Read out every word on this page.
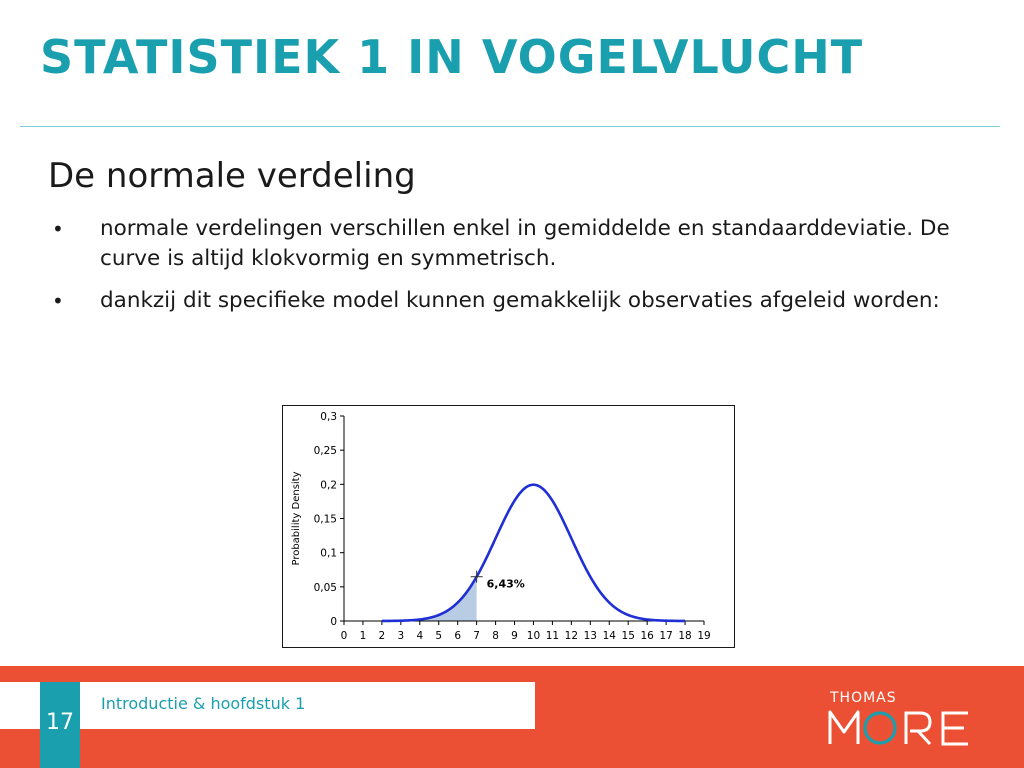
STATISTIEK 1 IN VOGELVLUCHT
De normale verdeling
• normale verdelingen verschillen enkel in gemiddelde en standaarddeviatie. De curve is altijd klokvormig en symmetrisch.
• dankzij dit specifieke model kunnen gemakkelijk observaties afgeleid worden:
0
0,05
0,1
0,15
0,2
0,25
0,3
0 1 2 3 4 5 6 7 8 9 10 11 12 13 14 15 16 17 18 19
Probability Density
6,43%
17
Introductie & hoofdstuk 1	THOMAS
